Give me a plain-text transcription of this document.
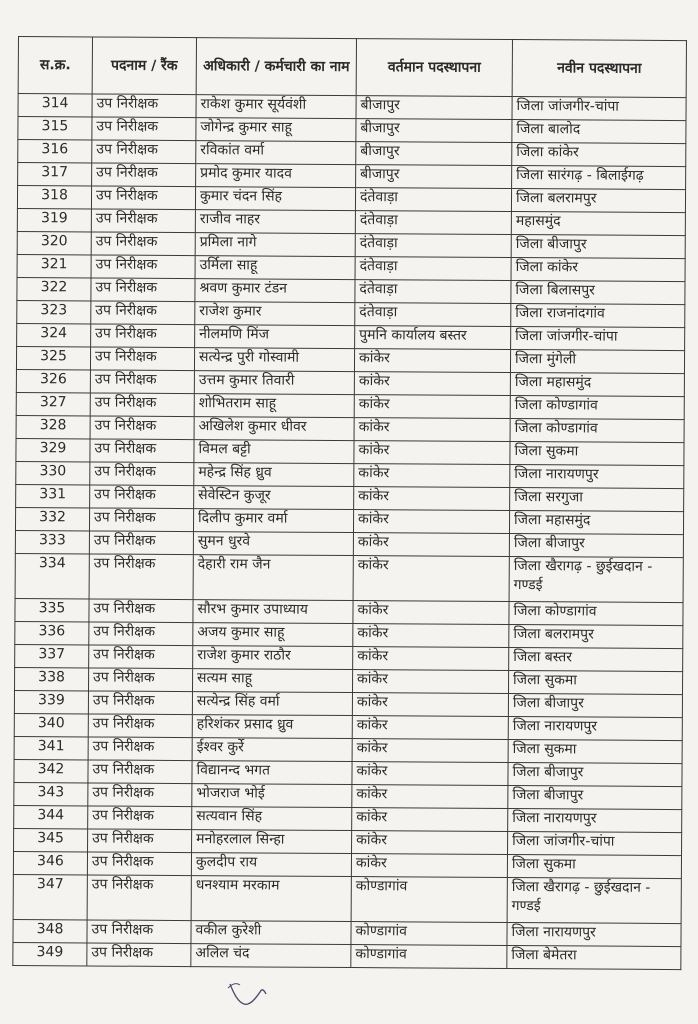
स.क्र.	पदनाम / रैंक	अधिकारी / कर्मचारी का नाम	वर्तमान पदस्थापना	नवीन पदस्थापना
314	उप निरीक्षक	राकेश कुमार सूर्यवंशी	बीजापुर	जिला जांजगीर-चांपा
315	उप निरीक्षक	जोगेन्द्र कुमार साहू	बीजापुर	जिला बालोद
316	उप निरीक्षक	रविकांत वर्मा	बीजापुर	जिला कांकेर
317	उप निरीक्षक	प्रमोद कुमार यादव	बीजापुर	जिला सारंगढ़ - बिलाईगढ़
318	उप निरीक्षक	कुमार चंदन सिंह	दंतेवाड़ा	जिला बलरामपुर
319	उप निरीक्षक	राजीव नाहर	दंतेवाड़ा	महासमुंद
320	उप निरीक्षक	प्रमिला नागे	दंतेवाड़ा	जिला बीजापुर
321	उप निरीक्षक	उर्मिला साहू	दंतेवाड़ा	जिला कांकेर
322	उप निरीक्षक	श्रवण कुमार टंडन	दंतेवाड़ा	जिला बिलासपुर
323	उप निरीक्षक	राजेश कुमार	दंतेवाड़ा	जिला राजनांदगांव
324	उप निरीक्षक	नीलमणि मिंज	पुमनि कार्यालय बस्तर	जिला जांजगीर-चांपा
325	उप निरीक्षक	सत्येन्द्र पुरी गोस्वामी	कांकेर	जिला मुंगेली
326	उप निरीक्षक	उत्तम कुमार तिवारी	कांकेर	जिला महासमुंद
327	उप निरीक्षक	शोभितराम साहू	कांकेर	जिला कोण्डागांव
328	उप निरीक्षक	अखिलेश कुमार धीवर	कांकेर	जिला कोण्डागांव
329	उप निरीक्षक	विमल बट्टी	कांकेर	जिला सुकमा
330	उप निरीक्षक	महेन्द्र सिंह ध्रुव	कांकेर	जिला नारायणपुर
331	उप निरीक्षक	सेवेस्टिन कुजूर	कांकेर	जिला सरगुजा
332	उप निरीक्षक	दिलीप कुमार वर्मा	कांकेर	जिला महासमुंद
333	उप निरीक्षक	सुमन धुरवे	कांकेर	जिला बीजापुर
334	उप निरीक्षक	देहारी राम जैन	कांकेर	जिला खैरागढ़ - छुईखदान - गण्डई
335	उप निरीक्षक	सौरभ कुमार उपाध्याय	कांकेर	जिला कोण्डागांव
336	उप निरीक्षक	अजय कुमार साहू	कांकेर	जिला बलरामपुर
337	उप निरीक्षक	राजेश कुमार राठौर	कांकेर	जिला बस्तर
338	उप निरीक्षक	सत्यम साहू	कांकेर	जिला सुकमा
339	उप निरीक्षक	सत्येन्द्र सिंह वर्मा	कांकेर	जिला बीजापुर
340	उप निरीक्षक	हरिशंकर प्रसाद ध्रुव	कांकेर	जिला नारायणपुर
341	उप निरीक्षक	ईश्वर कुर्रे	कांकेर	जिला सुकमा
342	उप निरीक्षक	विद्यानन्द भगत	कांकेर	जिला बीजापुर
343	उप निरीक्षक	भोजराज भोई	कांकेर	जिला बीजापुर
344	उप निरीक्षक	सत्यवान सिंह	कांकेर	जिला नारायणपुर
345	उप निरीक्षक	मनोहरलाल सिन्हा	कांकेर	जिला जांजगीर-चांपा
346	उप निरीक्षक	कुलदीप राय	कांकेर	जिला सुकमा
347	उप निरीक्षक	धनश्याम मरकाम	कोण्डागांव	जिला खैरागढ़ - छुईखदान - गण्डई
348	उप निरीक्षक	वकील कुरेशी	कोण्डागांव	जिला नारायणपुर
349	उप निरीक्षक	अलिल चंद	कोण्डागांव	जिला बेमेतरा
